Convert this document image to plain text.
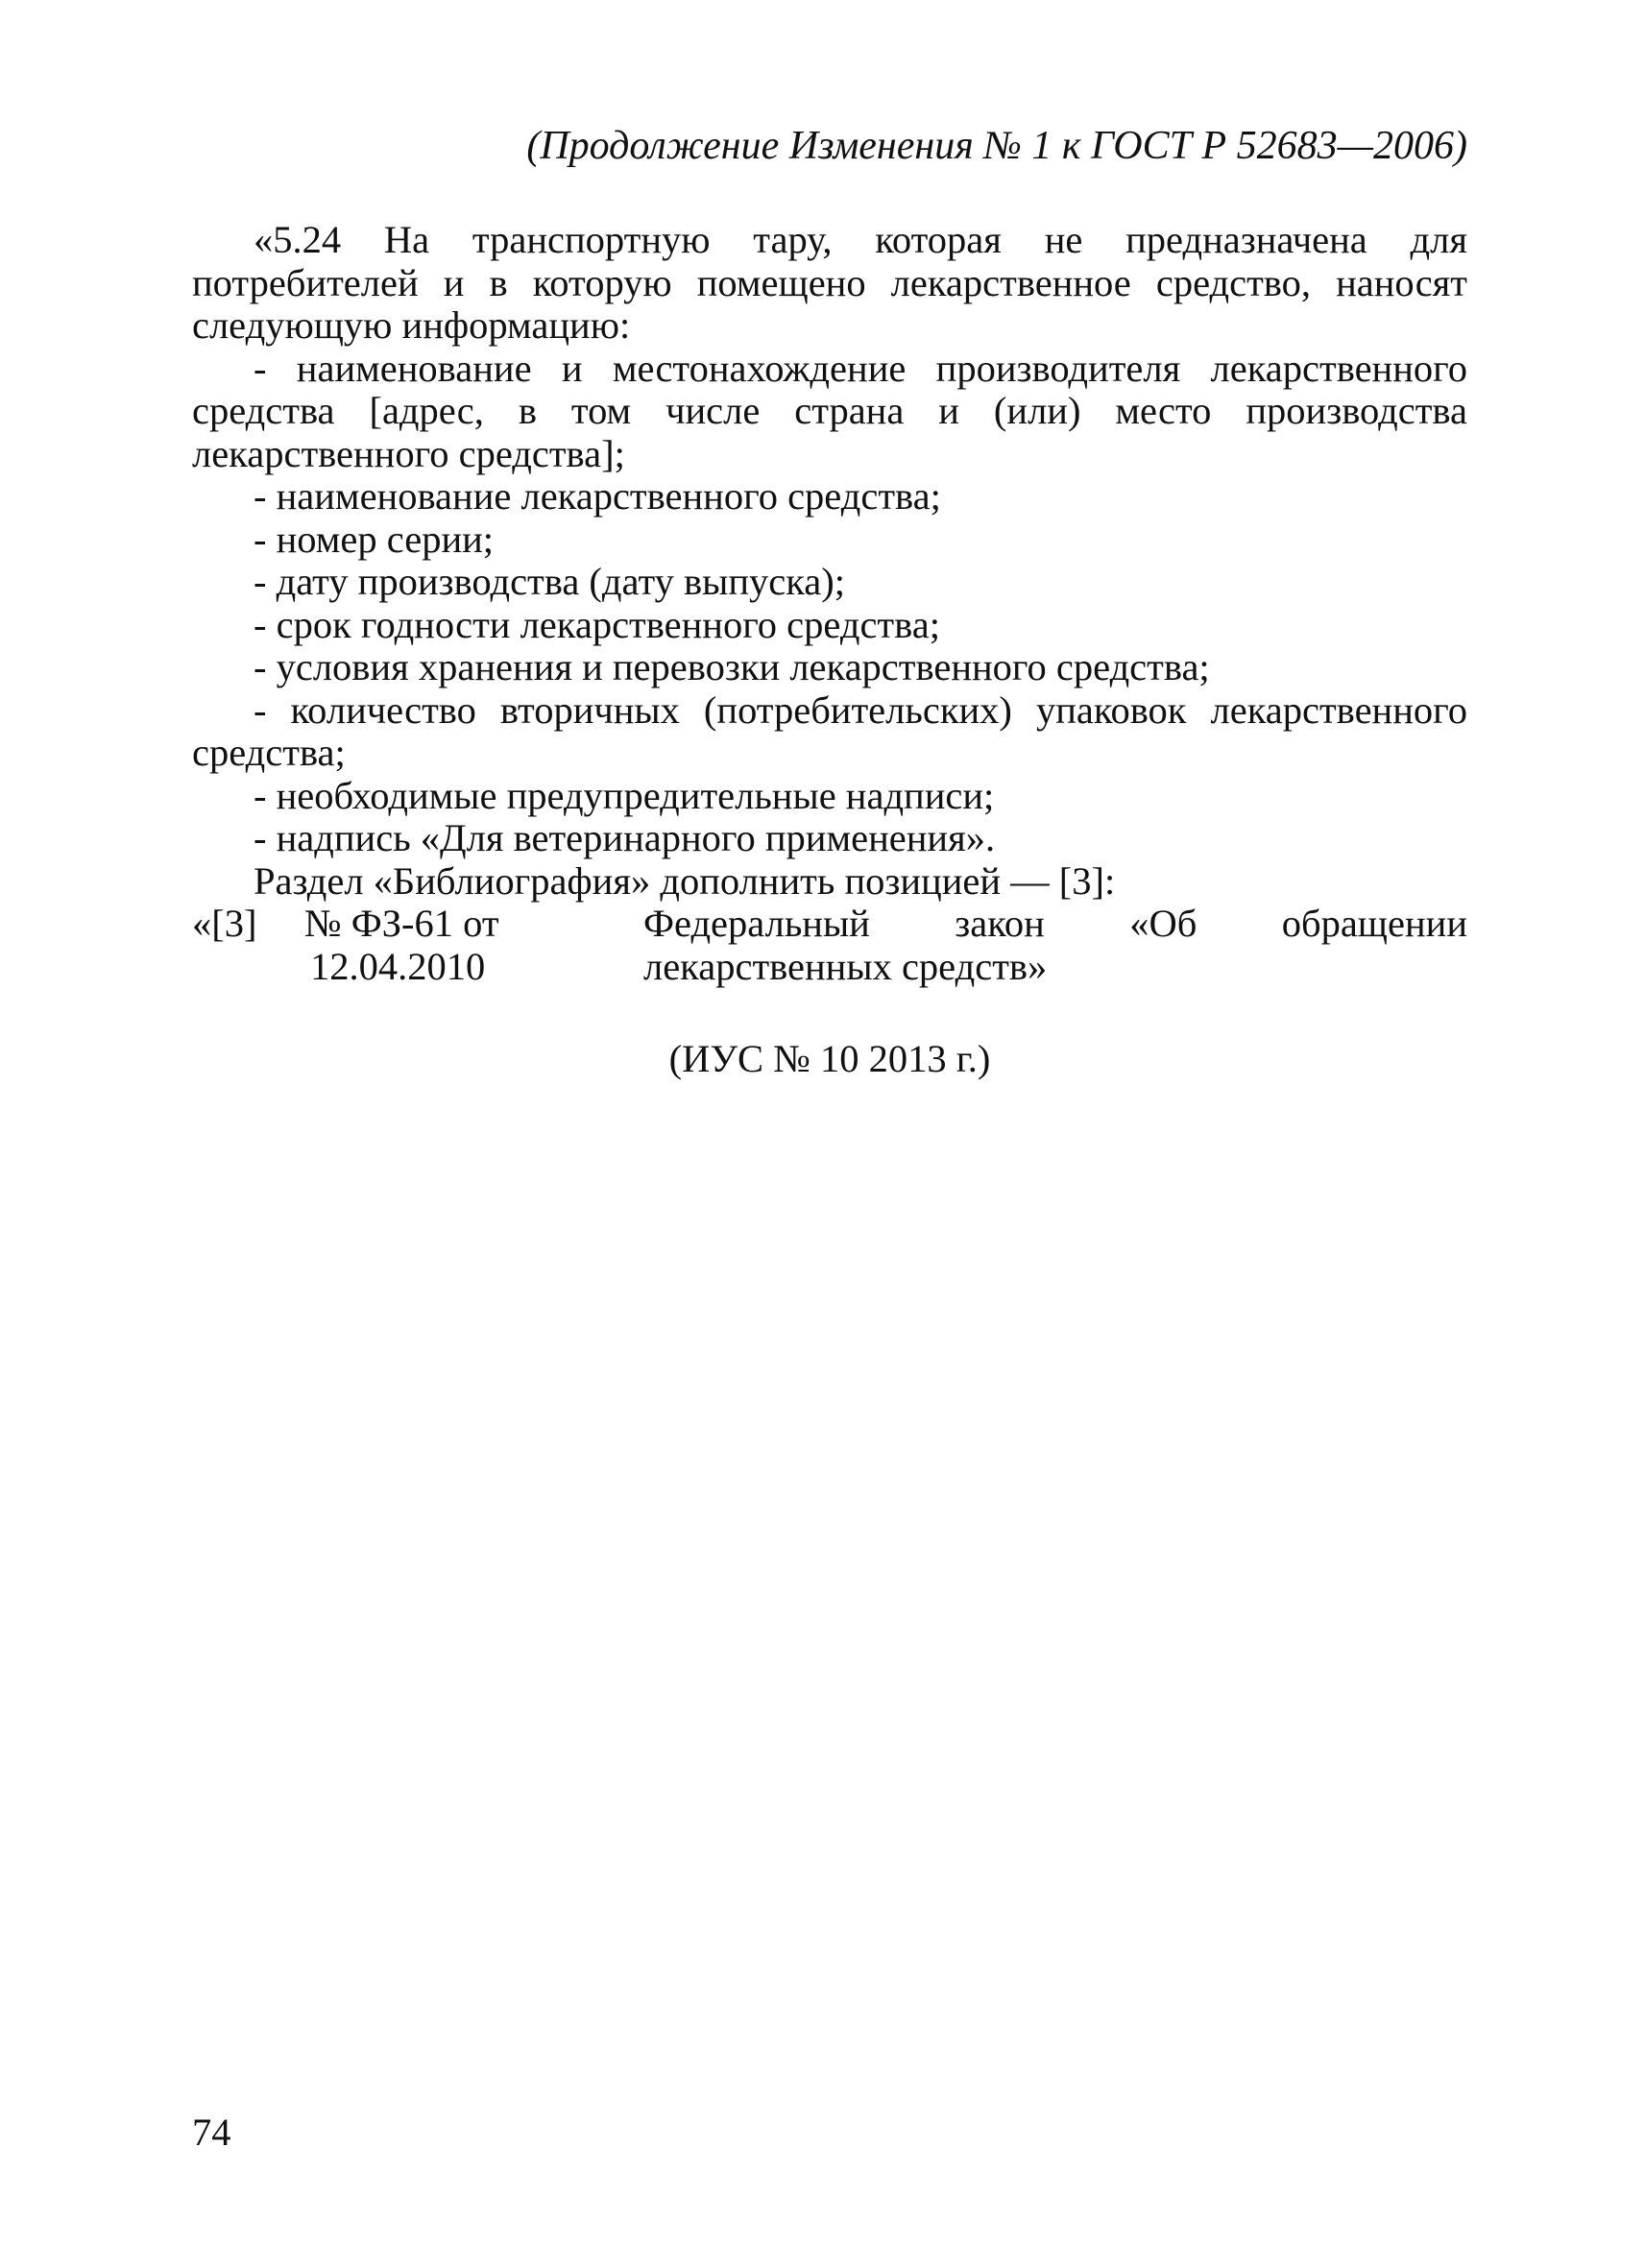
(Продолжение Изменения № 1 к ГОСТ Р 52683—2006)

«5.24 На транспортную тару, которая не предназначена для потребителей и в которую помещено лекарственное средство, наносят следующую информацию:

- наименование и местонахождение производителя лекарственного средства [адрес, в том числе страна и (или) место производства лекарственного средства];

- наименование лекарственного средства;

- номер серии;

- дату производства (дату выпуска);

- срок годности лекарственного средства;

- условия хранения и перевозки лекарственного средства;

- количество вторичных (потребительских) упаковок лекарственного средства;

- необходимые предупредительные надписи;

- надпись «Для ветеринарного применения».

Раздел «Библиография» дополнить позицией — [3]:

«[3] № ФЗ-61 от
12.04.2010
Федеральный закон «Об обращении лекарственных средств»
(ИУС № 10 2013 г.)
74
